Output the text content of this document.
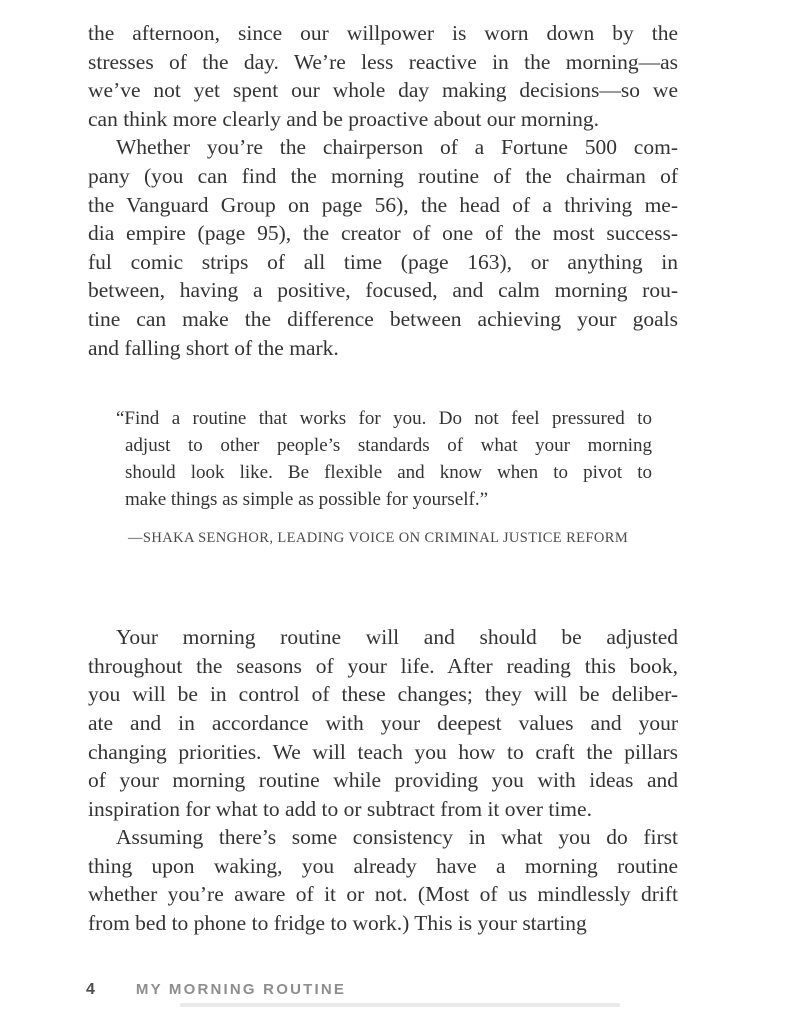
the afternoon, since our willpower is worn down by the
stresses of the day. We’re less reactive in the morning—as
we’ve not yet spent our whole day making decisions—so we
can think more clearly and be proactive about our morning.
Whether you’re the chairperson of a Fortune 500 com-
pany (you can find the morning routine of the chairman of
the Vanguard Group on page 56), the head of a thriving me-
dia empire (page 95), the creator of one of the most success-
ful comic strips of all time (page 163), or anything in
between, having a positive, focused, and calm morning rou-
tine can make the difference between achieving your goals
and falling short of the mark.
“Find a routine that works for you. Do not feel pressured to
adjust to other people’s standards of what your morning
should look like. Be flexible and know when to pivot to
make things as simple as possible for yourself.”
—SHAKA SENGHOR, LEADING VOICE ON CRIMINAL JUSTICE REFORM
Your morning routine will and should be adjusted
throughout the seasons of your life. After reading this book,
you will be in control of these changes; they will be deliber-
ate and in accordance with your deepest values and your
changing priorities. We will teach you how to craft the pillars
of your morning routine while providing you with ideas and
inspiration for what to add to or subtract from it over time.
Assuming there’s some consistency in what you do first
thing upon waking, you already have a morning routine
whether you’re aware of it or not. (Most of us mindlessly drift
from bed to phone to fridge to work.) This is your starting
4	MY MORNING ROUTINE
